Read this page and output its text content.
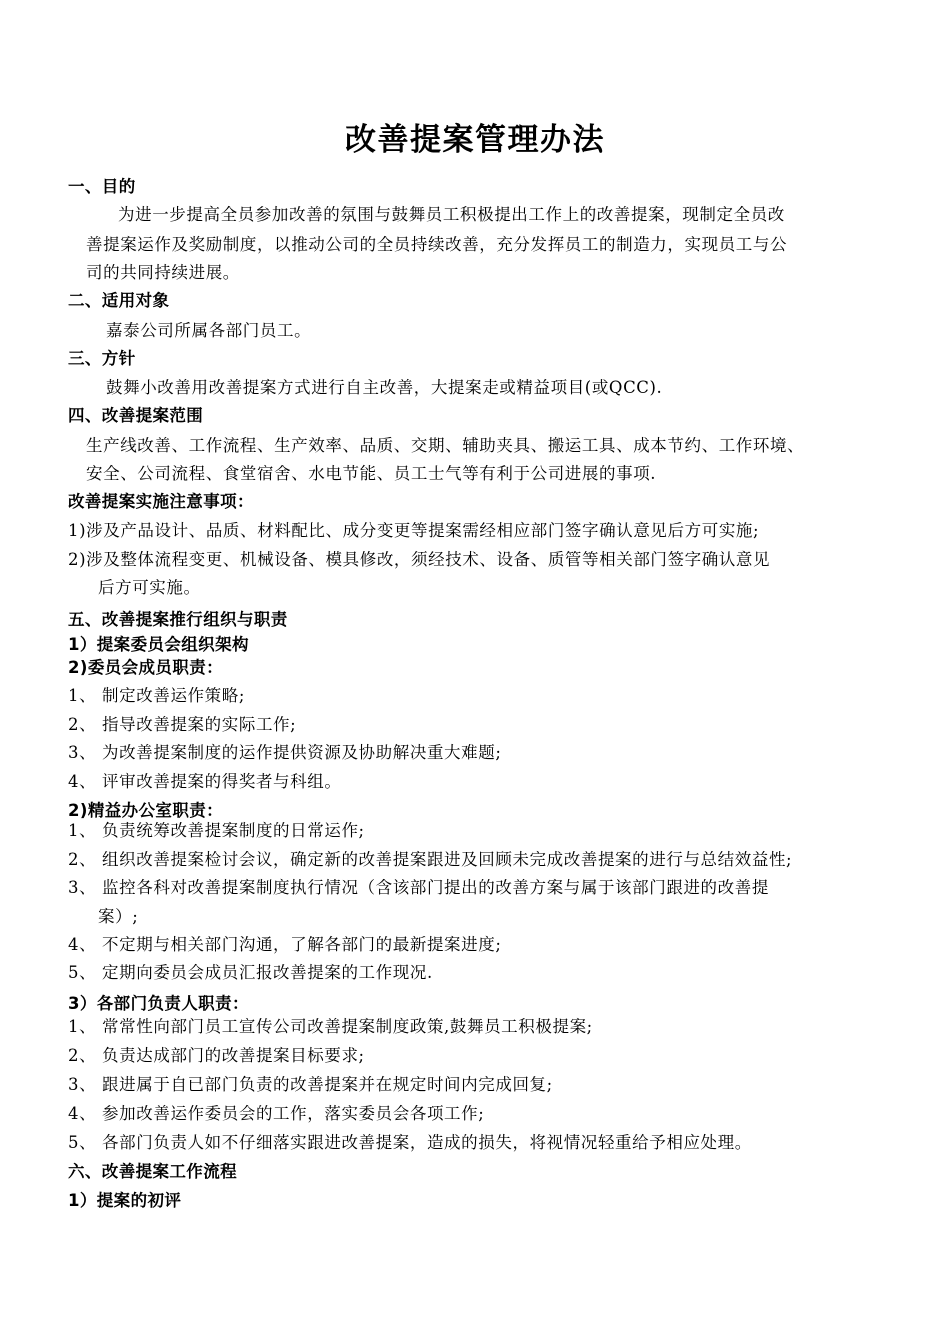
改善提案管理办法
一、目的
为进一步提高全员参加改善的氛围与鼓舞员工积极提出工作上的改善提案，现制定全员改
善提案运作及奖励制度，以推动公司的全员持续改善，充分发挥员工的制造力，实现员工与公
司的共同持续进展。
二、适用对象
嘉泰公司所属各部门员工。
三、方针
鼓舞小改善用改善提案方式进行自主改善，大提案走或精益项目(或QCC).
四、改善提案范围
生产线改善、工作流程、生产效率、品质、交期、辅助夹具、搬运工具、成本节约、工作环境、
安全、公司流程、食堂宿舍、水电节能、员工士气等有利于公司进展的事项.
改善提案实施注意事项：
1)涉及产品设计、品质、材料配比、成分变更等提案需经相应部门签字确认意见后方可实施;
2)涉及整体流程变更、机械设备、模具修改，须经技术、设备、质管等相关部门签字确认意见
后方可实施。
五、改善提案推行组织与职责
1）提案委员会组织架构
2)委员会成员职责：
1、 制定改善运作策略;
2、 指导改善提案的实际工作;
3、 为改善提案制度的运作提供资源及协助解决重大难题;
4、 评审改善提案的得奖者与科组。
2)精益办公室职责：
1、 负责统筹改善提案制度的日常运作;
2、 组织改善提案检讨会议，确定新的改善提案跟进及回顾未完成改善提案的进行与总结效益性;
3、 监控各科对改善提案制度执行情况（含该部门提出的改善方案与属于该部门跟进的改善提
案）;
4、 不定期与相关部门沟通，了解各部门的最新提案进度;
5、 定期向委员会成员汇报改善提案的工作现况.
3）各部门负责人职责：
1、 常常性向部门员工宣传公司改善提案制度政策,鼓舞员工积极提案;
2、 负责达成部门的改善提案目标要求;
3、 跟进属于自已部门负责的改善提案并在规定时间内完成回复;
4、 参加改善运作委员会的工作，落实委员会各项工作;
5、 各部门负责人如不仔细落实跟进改善提案，造成的损失，将视情况轻重给予相应处理。
六、改善提案工作流程
1）提案的初评
